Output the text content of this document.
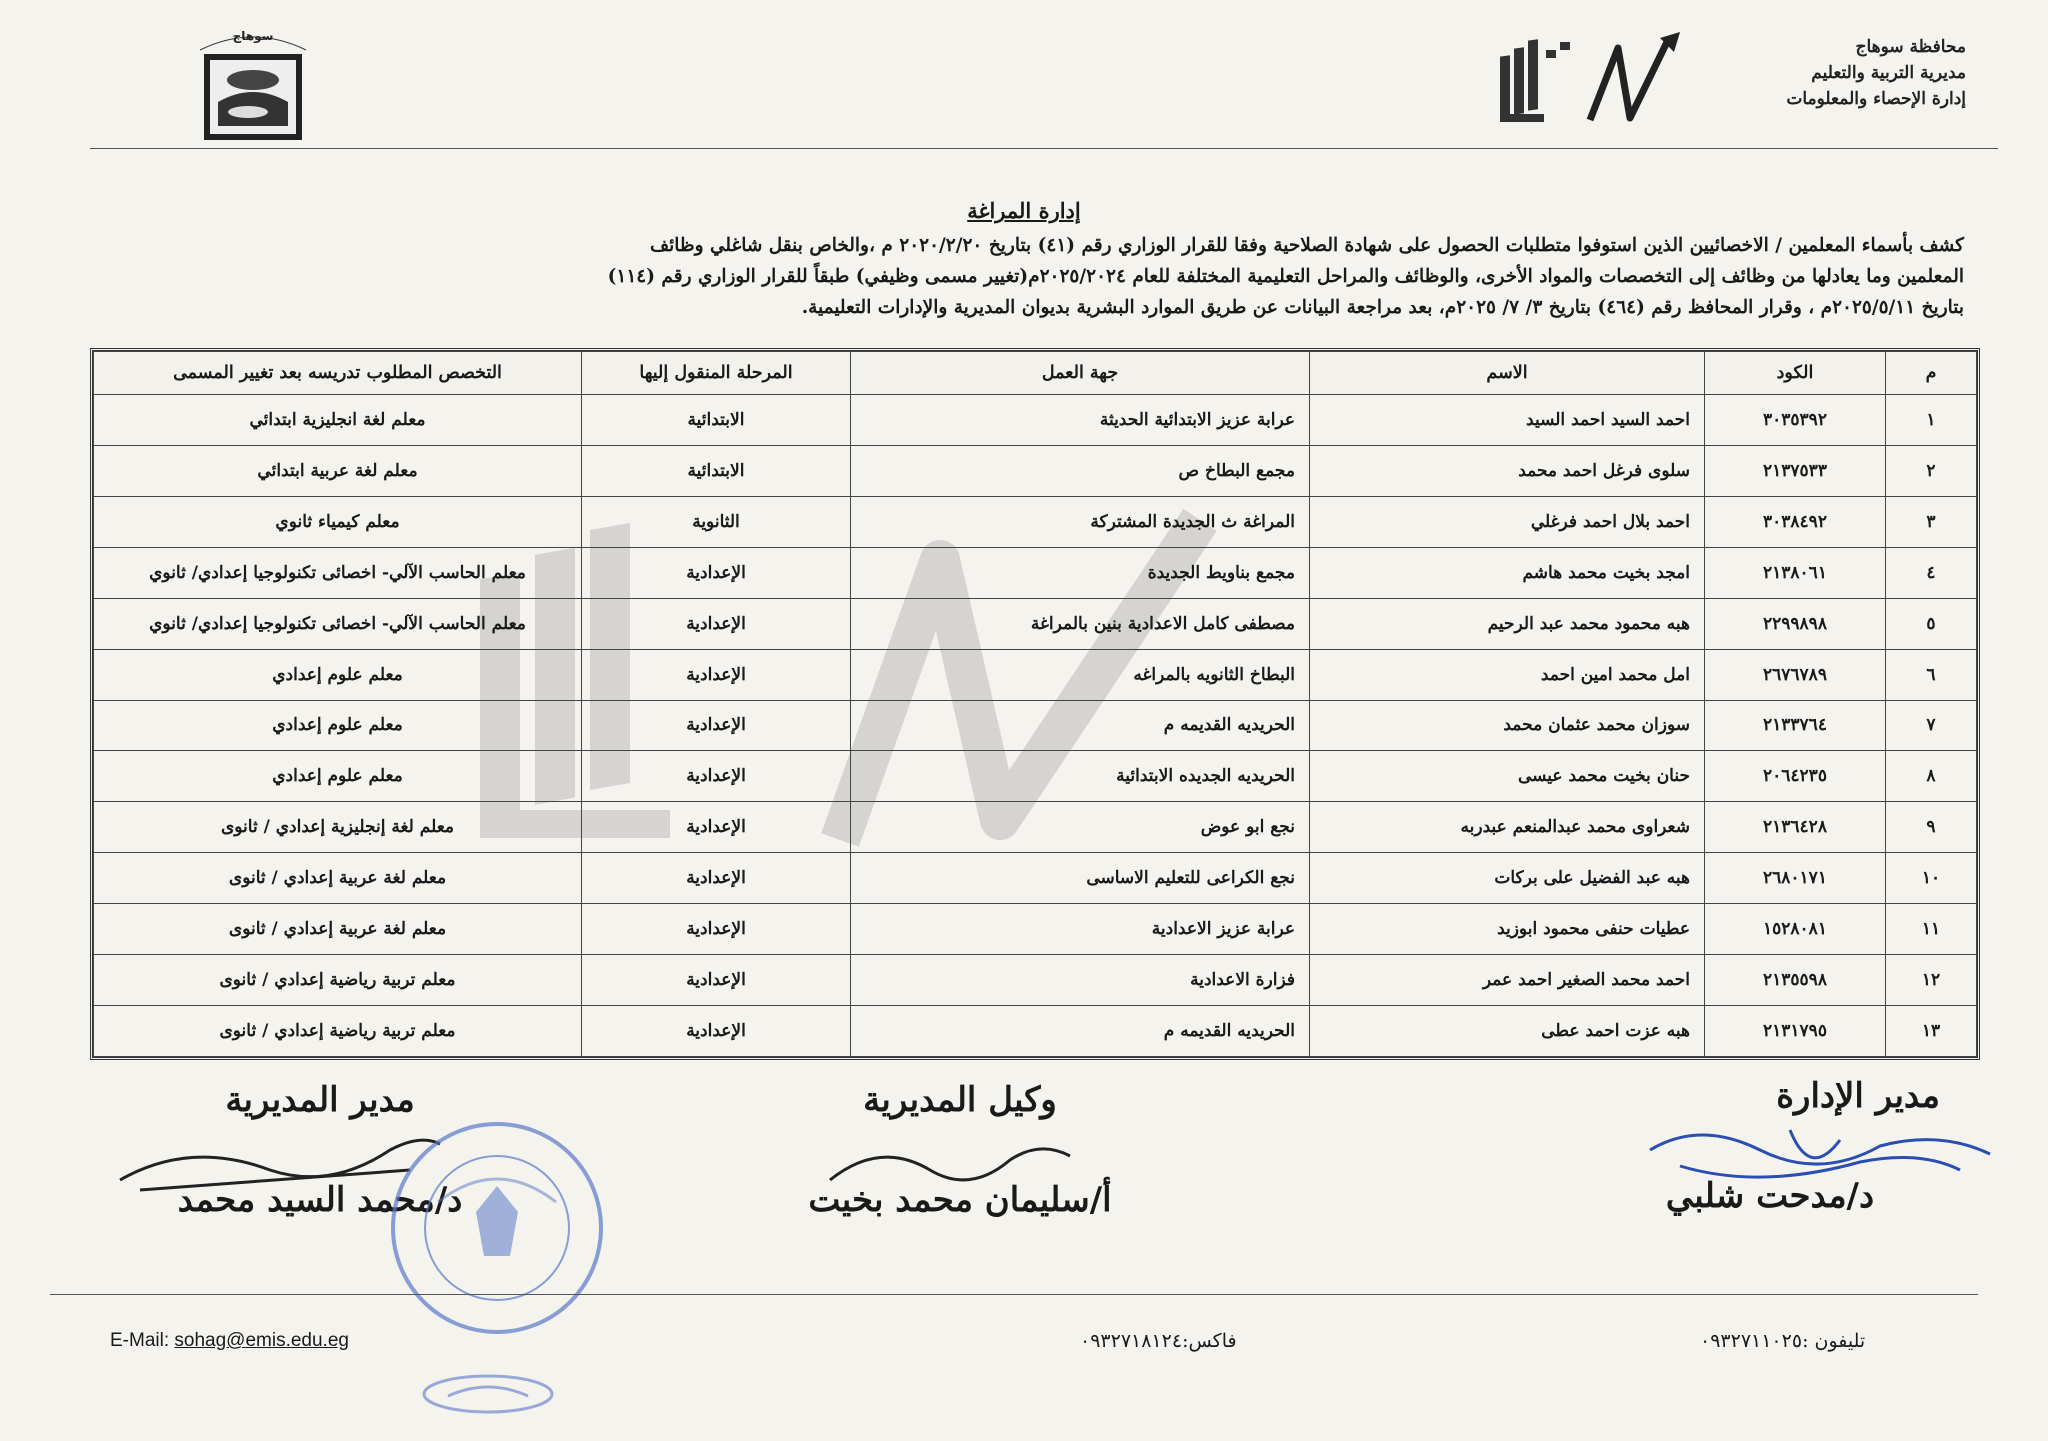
محافظة سوهاج
مديرية التربية والتعليم
إدارة الإحصاء والمعلومات
سوهاج
إدارة المراغة

كشف بأسماء المعلمين / الاخصائيين الذين استوفوا متطلبات الحصول على شهادة الصلاحية وفقا للقرار الوزاري رقم (٤١) بتاريخ ٢٠٢٠/٢/٢٠ م ،والخاص بنقل شاغلي وظائف

المعلمين وما يعادلها من وظائف إلى التخصصات والمواد الأخرى، والوظائف والمراحل التعليمية المختلفة للعام ٢٠٢٥/٢٠٢٤م(تغيير مسمى وظيفي) طبقاً للقرار الوزاري رقم (١١٤)

بتاريخ ٢٠٢٥/٥/١١م ، وقرار المحافظ رقم (٤٦٤) بتاريخ ٣/ ٧/ ٢٠٢٥م، بعد مراجعة البيانات عن طريق الموارد البشرية بديوان المديرية والإدارات التعليمية.

م	الكود	الاسم	جهة العمل	المرحلة المنقول إليها	التخصص المطلوب تدريسه بعد تغيير المسمى
١	٣٠٣٥٣٩٢	احمد السيد احمد السيد	عرابة عزيز الابتدائية الحديثة	الابتدائية	معلم لغة انجليزية ابتدائي
٢	٢١٣٧٥٣٣	سلوى فرغل احمد محمد	مجمع البطاخ ص	الابتدائية	معلم لغة عربية ابتدائي
٣	٣٠٣٨٤٩٢	احمد بلال احمد فرغلي	المراغة ث الجديدة المشتركة	الثانوية	معلم كيمياء ثانوي
٤	٢١٣٨٠٦١	امجد بخيت محمد هاشم	مجمع بناويط الجديدة	الإعدادية	معلم الحاسب الآلي- اخصائى تكنولوجيا إعدادي/ ثانوي
٥	٢٢٩٩٨٩٨	هبه محمود محمد عبد الرحيم	مصطفى كامل الاعدادية بنين بالمراغة	الإعدادية	معلم الحاسب الآلي- اخصائى تكنولوجيا إعدادي/ ثانوي
٦	٢٦٧٦٧٨٩	امل محمد امين احمد	البطاخ الثانويه بالمراغه	الإعدادية	معلم علوم إعدادي
٧	٢١٣٣٧٦٤	سوزان محمد عثمان محمد	الحريديه القديمه م	الإعدادية	معلم علوم إعدادي
٨	٢٠٦٤٢٣٥	حنان بخيت محمد عيسى	الحريديه الجديده الابتدائية	الإعدادية	معلم علوم إعدادي
٩	٢١٣٦٤٢٨	شعراوى محمد عبدالمنعم عبدربه	نجع ابو عوض	الإعدادية	معلم لغة إنجليزية إعدادي / ثانوى
١٠	٢٦٨٠١٧١	هبه عبد الفضيل على بركات	نجع الكراعى للتعليم الاساسى	الإعدادية	معلم لغة عربية إعدادي / ثانوى
١١	١٥٢٨٠٨١	عطيات حنفى محمود ابوزيد	عرابة عزيز الاعدادية	الإعدادية	معلم لغة عربية إعدادي / ثانوى
١٢	٢١٣٥٥٩٨	احمد محمد الصغير احمد عمر	فزارة الاعدادية	الإعدادية	معلم تربية رياضية إعدادي / ثانوى
١٣	٢١٣١٧٩٥	هبه عزت احمد عطى	الحريديه القديمه م	الإعدادية	معلم تربية رياضية إعدادي / ثانوى
مدير الإدارة
د/مدحت شلبي
وكيل المديرية
أ/سليمان محمد بخيت
مدير المديرية
د/محمد السيد محمد
E-Mail: sohag@emis.edu.eg	فاكس:٠٩٣٢٧١٨١٢٤	تليفون :٠٩٣٢٧١١٠٢٥
